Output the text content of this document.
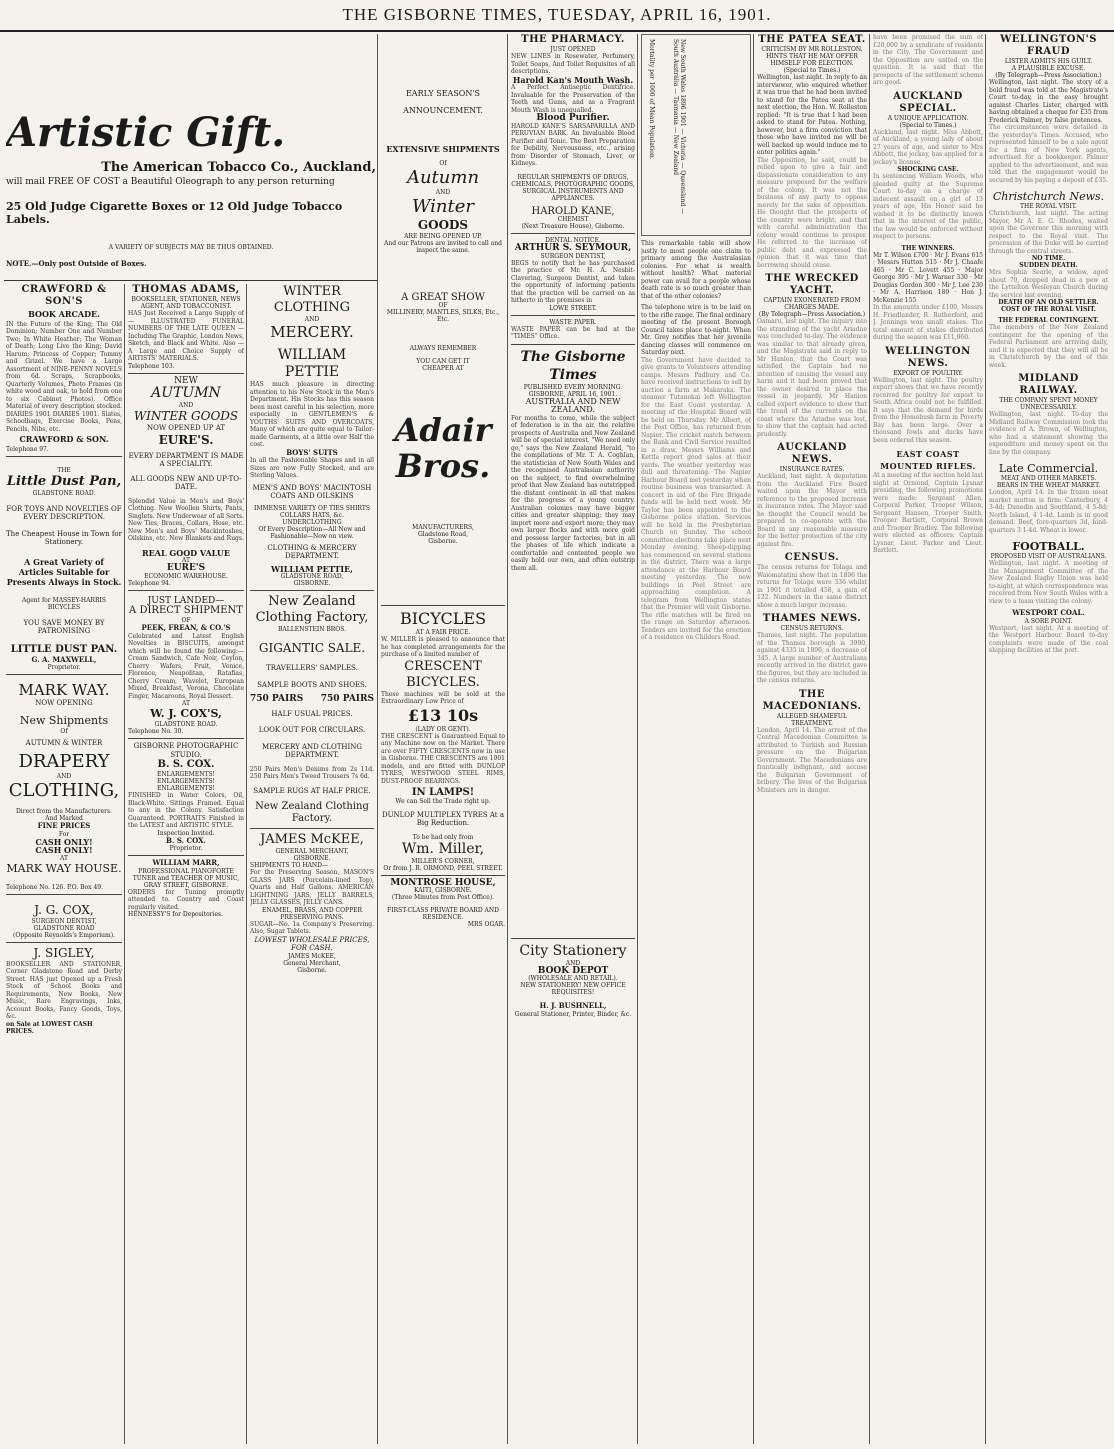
THE GISBORNE TIMES, TUESDAY, APRIL 16, 1901.
Artistic Gift.
The American Tobacco Co., Auckland,
will mail FREE OF COST a Beautiful Oleograph to any person returning
25 Old Judge Cigarette Boxes or 12 Old Judge Tobacco Labels.
A VARIETY OF SUBJECTS MAY BE THUS OBTAINED.
NOTE.—Only post Outside of Boxes.
CRAWFORD & SON'S
BOOK ARCADE.
IN the Future of the King; The Old Dominion; Number One and Number Two; In White Heather; The Woman of Death; Long Live the King; David Harum; Princess of Copper; Tommy and Grizel. We have a Large Assortment of NINE-PENNY NOVELS from 6d. Scraps, Scrapbooks, Quarterly Volumes, Photo Frames (in white wood and oak, to hold from one to six Cabinet Photos). Office Material of every description stocked. DIARIES 1901 DIARIES 1901. Slates, Schoolbags, Exercise Books, Pens, Pencils, Nibs, etc.
CRAWFORD & SON.
Telephone 97.
THE
Little Dust Pan,
GLADSTONE ROAD.
FOR TOYS AND NOVELTIES OF EVERY DESCRIPTION.
The Cheapest House in Town for Stationery.
A Great Variety of Articles Suitable for Presents Always in Stock.
Agent for MASSEY-HARRIS BICYCLES
YOU SAVE MONEY BY PATRONISING
LITTLE DUST PAN.
G. A. MAXWELL,
Proprietor.
MARK WAY.
NOW OPENING
New Shipments
Of
AUTUMN & WINTER
DRAPERY
AND
CLOTHING,
Direct from the Manufacturers.
And Marked
FINE PRICES
For
CASH ONLY!
CASH ONLY!
AT
MARK WAY HOUSE.
Telephone No. 126. P.O. Box 49.
J. G. COX,
SURGEON DENTIST,
GLADSTONE ROAD
(Opposite Reynolds's Emporium).
J. SIGLEY,
BOOKSELLER AND STATIONER, Corner Gladstone Road and Derby Street. HAS just Opened up a Fresh Stock of School Books and Requirements, New Books, New Music, Rare Engravings, Inks, Account Books, Fancy Goods, Toys, &c.
on Sale at LOWEST CASH PRICES.
THOMAS ADAMS,
BOOKSELLER, STATIONER, NEWS AGENT, AND TOBACCONIST.
HAS Just Received a Large Supply of — ILLUSTRATED FUNERAL NUMBERS OF THE LATE QUEEN — Including The Graphic, London News, Sketch, and Black and White. Also — A Large and Choice Supply of ARTISTS' MATERIALS.
Telephone 103.
NEW
AUTUMN
AND
WINTER GOODS
NOW OPENED UP AT
EURE'S.
EVERY DEPARTMENT IS MADE A SPECIALITY.
ALL GOODS NEW AND UP-TO-DATE.
Splendid Value in Men's and Boys' Clothing. New Woollen Shirts, Pants, Singlets. New Underwear of all Sorts. New Ties, Braces, Collars, Hose, etc. New Men's and Boys' Mackintoshes, Oilskins, etc. New Blankets and Rugs.
REAL GOOD VALUE
AT
EURE'S
ECONOMIC WAREHOUSE.
Telephone 94.
JUST LANDED—
A DIRECT SHIPMENT
OF
PEEK, FREAN, & CO.'S
Celebrated and Latest English Novelties in BISCUITS, amongst which will be found the following:— Cream Sandwich, Cafe Noir, Ceylon, Cherry Wafers, Fruit, Venice, Florence, Neapolitan, Ratafias, Cherry Cream, Wavelet, European Mixed, Breakfast, Verona, Chocolate Finger, Macaroons, Royal Dessert.
AT
W. J. COX'S,
GLADSTONE ROAD.
Telephone No. 30.
GISBORNE PHOTOGRAPHIC STUDIO.
B. S. COX.
ENLARGEMENTS! ENLARGEMENTS! ENLARGEMENTS!
FINISHED in Water Colors, Oil, Black-White. Sittings Framed. Equal to any in the Colony. Satisfaction Guaranteed. PORTRAITS Finished in the LATEST and ARTISTIC STYLE.
Inspection Invited.
B. S. COX.
Proprietor.
WILLIAM MARR,
PROFESSIONAL PIANOFORTE TUNER and TEACHER OF MUSIC,
GRAY STREET, GISBORNE.
ORDERS for Tuning promptly attended to. Country and Coast regularly visited.
HENNESSY'S for Depositories.
WINTER CLOTHING
AND
MERCERY.
WILLIAM
PETTIE
HAS much pleasure in directing attention to his New Stock in the Men's Department. His Stocks has this season been most careful in his selection, more especially in GENTLEMEN'S & YOUTHS' SUITS AND OVERCOATS, Many of which are quite equal to Tailor-made Garments, at a little over Half the cost.
BOYS' SUITS
In all the Fashionable Shapes and in all Sizes are now Fully Stocked, and are Sterling Values.
MEN'S AND BOYS' MACINTOSH COATS AND OILSKINS
IMMENSE VARIETY OF TIES SHIRTS COLLARS HATS, &c. UNDERCLOTHING
Of Every Description—All New and Fashionable—Now on view.
CLOTHING & MERCERY DEPARTMENT.
WILLIAM PETTIE,
GLADSTONE ROAD,
GISBORNE.
New Zealand Clothing Factory,
BALLENSTEIN BROS.
GIGANTIC SALE.
TRAVELLERS' SAMPLES.
SAMPLE BOOTS AND SHOES.
750 PAIRS 750 PAIRS
HALF USUAL PRICES.
LOOK OUT FOR CIRCULARS.
MERCERY AND CLOTHING DEPARTMENT.
250 Pairs Men's Denims from 2s 11d. 250 Pairs Men's Tweed Trousers 7s 6d.
SAMPLE RUGS AT HALF PRICE.
New Zealand Clothing Factory.
JAMES McKEE,
GENERAL MERCHANT,
GISBORNE.
SHIPMENTS TO HAND—
For the Preserving Season, MASON'S GLASS JARS (Porcelain-lined Top), Quarts and Half Gallons. AMERICAN LIGHTNING JARS, JELLY BARRELS, JELLY GLASSES, JELLY CANS.
ENAMEL, BRASS, AND COPPER PRESERVING PANS.
SUGAR—No. 1a Company's Preserving. Also, Sugar Tablets.
LOWEST WHOLESALE PRICES, FOR CASH.
JAMES McKEE,
General Merchant,
Gisborne.
EARLY SEASON'S
ANNOUNCEMENT.
EXTENSIVE SHIPMENTS
Of
Autumn
AND
Winter
GOODS
ARE BEING OPENED UP.
And our Patrons are invited to call and inspect the same.
A GREAT SHOW
OF
MILLINERY, MANTLES, SILKS, Etc., Etc.
ALWAYS REMEMBER
YOU CAN GET IT
CHEAPER AT
Adair Bros.
MANUFACTURERS,
Gladstone Road,
Gisborne.
BICYCLES
AT A FAIR PRICE.
W. MILLER is pleased to announce that he has completed arrangements for the purchase of a limited number of
CRESCENT BICYCLES.
These machines will be sold at the Extraordinary Low Price of
£13 10s
(LADY OR GENT).
THE CRESCENT is Guaranteed Equal to any Machine now on the Market. There are over FIFTY CRESCENTS now in use in Gisborne. THE CRESCENTS are 1901 models, and are fitted with DUNLOP TYRES, WESTWOOD STEEL RIMS, DUST-PROOF BEARINGS.
IN LAMPS!
We can Sell the Trade right up.
DUNLOP MULTIPLEX TYRES At a Big Reduction.
To be had only from
Wm. Miller,
MILLER'S CORNER,
Or from J. R. ORMOND, PEEL STREET.
MONTROSE HOUSE,
KAITI, GISBORNE.
(Three Minutes from Post Office).
FIRST-CLASS PRIVATE BOARD AND RESIDENCE.
MRS OGAR.
THE PHARMACY.
JUST OPENED
NEW LINES in Rosewater, Perfumery, Toilet Soaps, And Toilet Requisites of all descriptions.
Harold Kan's Mouth Wash.
A Perfect Antiseptic Dentifrice. Invaluable for the Preservation of the Teeth and Gums, and as a Fragrant Mouth Wash is unequalled.
Blood Purifier.
HAROLD KANE'S SARSAPARILLA AND PERUVIAN BARK. An Invaluable Blood Purifier and Tonic. The Best Preparation for Debility, Nervousness, etc., arising from Disorder of Stomach, Liver, or Kidneys.
REGULAR SHIPMENTS OF DRUGS, CHEMICALS, PHOTOGRAPHIC GOODS, SURGICAL INSTRUMENTS AND APPLIANCES.
HAROLD KANE,
CHEMIST
(Next Treasure House), Gisborne.
DENTAL NOTICE.
ARTHUR S. SEYMOUR,
SURGEON DENTIST,
BEGS to notify that he has purchased the practice of Mr. H. A. Nesbit-Clavering, Surgeon Dentist, and takes the opportunity of informing patients that the practice will be carried on as hitherto in the premises in
LOWE STREET.
WASTE PAPER.
WASTE PAPER can be had at the "TIMES" Office.
The Gisborne Times
PUBLISHED EVERY MORNING.
GISBORNE, APRIL 16, 1901.
AUSTRALIA AND NEW ZEALAND.
For months to come, while the subject of federation is in the air, the relative prospects of Australia and New Zealand will be of special interest. "We need only go," says the New Zealand Herald, "to the compilations of Mr. T. A. Coghlan, the statistician of New South Wales and the recognised Australasian authority on the subject, to find overwhelming proof that New Zealand has outstripped the distant continent in all that makes for the progress of a young country. Australian colonies may have bigger cities and greater shipping; they may import more and export more; they may own larger flocks and with more gold and possess larger factories; but in all the phases of life which indicate a comfortable and contented people we easily hold our own, and often outstrip them all.
City Stationery
AND
BOOK DEPOT
(WHOLESALE AND RETAIL).
NEW STATIONERY! NEW OFFICE REQUISITES!
H. J. BUSHNELL,
General Stationer, Printer, Binder, &c.
Mortality per 1000 of Mean Population.	New South Wales 1896 1901 — Victoria — Queensland — South Australia — Tasmania — New Zealand
This remarkable table will show justly to most people one claim to primacy among the Australasian colonies. For what is wealth without health? What material power can avail for a people whose death rate is so much greater than that of the other colonies?
The telephone wire is to be laid on to the rifle range. The final ordinary meeting of the present Borough Council takes place to-night. When Mr. Grey notifies that her juvenile dancing classes will commence on Saturday next.
The Government have decided to give grants to Volunteers attending camps. Messrs Padbury and Co. have received instructions to sell by auction a farm at Makaraka. The steamer Tutanekai left Wellington for the East Coast yesterday. A meeting of the Hospital Board will be held on Thursday. Mr Albert, of the Post Office, has returned from Napier. The cricket match between the Bank and Civil Service resulted in a draw. Messrs Williams and Kettle report good sales at their yards. The weather yesterday was dull and threatening. The Napier Harbour Board met yesterday when routine business was transacted. A concert in aid of the Fire Brigade funds will be held next week. Mr Taylor has been appointed to the Gisborne police station. Services will be held in the Presbyterian Church on Sunday. The school committee elections take place next Monday evening. Sheep-dipping has commenced on several stations in the district. There was a large attendance at the Harbour Board meeting yesterday. The new buildings in Peel Street are approaching completion. A telegram from Wellington states that the Premier will visit Gisborne. The rifle matches will be fired on the range on Saturday afternoon. Tenders are invited for the erection of a residence on Childers Road.
THE PATEA SEAT.
CRITICISM BY MR ROLLESTON.
HINTS THAT HE MAY OFFER HIMSELF FOR ELECTION.
(Special to Times.)
Wellington, last night. In reply to an interviewer, who enquired whether it was true that he had been invited to stand for the Patea seat at the next election, the Hon. W. Rolleston replied: "It is true that I had been asked to stand for Patea. Nothing, however, but a firm conviction that those who have invited me will be well backed up would induce me to enter politics again."
The Opposition, he said, could be relied upon to give a fair and dispassionate consideration to any measure proposed for the welfare of the colony. It was not the business of any party to oppose merely for the sake of opposition. He thought that the prospects of the country were bright, and that with careful administration the colony would continue to prosper. He referred to the increase of public debt and expressed the opinion that it was time that borrowing should cease.
THE WRECKED YACHT.
CAPTAIN EXONERATED FROM CHARGES MADE.
(By Telegraph—Press Association.)
Oamaru, last night. The inquiry into the stranding of the yacht Ariadne was concluded to-day. The evidence was similar to that already given, and the Magistrate said in reply to Mr Hanlon, that the Court was satisfied the Captain had no intention of causing the vessel any harm and it had been proved that the owner desired to place the vessel in jeopardy. Mr Hanlon called expert evidence to show that the trend of the currents on the coast where the Ariadne was lost, to show that the captain had acted prudently.
AUCKLAND NEWS.
INSURANCE RATES.
Auckland, last night. A deputation from the Auckland Fire Board waited upon the Mayor with reference to the proposed increase in insurance rates. The Mayor said he thought the Council would be prepared to co-operate with the Board in any reasonable measure for the better protection of the city against fire.
CENSUS.
The census returns for Tolaga and Waiomatatini show that in 1896 the returns for Tolaga were 336 whilst in 1901 it totalled 458, a gain of 122. Numbers in the same district show a much larger increase.
THAMES NEWS.
CENSUS RETURNS.
Thames, last night. The population of the Thames borough is 3990, against 4335 in 1896, a decrease of 345. A large number of Australians recently arrived in the district gave the figures, but they are included in the census returns.
THE MACEDONIANS.
ALLEGED SHAMEFUL TREATMENT.
London, April 14. The arrest of the Central Macedonian Committee is attributed to Turkish and Russian pressure on the Bulgarian Government. The Macedonians are frantically indignant, and accuse the Bulgarian Government of bribery. The lives of the Bulgarian Ministers are in danger.
have been promised the sum of £20,000 by a syndicate of residents in the City. The Government and the Opposition are united on the question. It is said that the prospects of the settlement scheme are good.
AUCKLAND SPECIAL.
A UNIQUE APPLICATION.
(Special to Times.)
Auckland, last night. Miss Abbott, of Auckland, a young lady of about 27 years of age, and sister to Mrs Abbott, the jockey, has applied for a jockey's license.
SHOCKING CASE.
In sentencing William Woods, who pleaded guilty at the Supreme Court to-day on a charge of indecent assault on a girl of 13 years of age, His Honor said he wished it to be distinctly known that in the interest of the public, the law would be enforced without respect to persons.
THE WINNERS.
Mr T. Wilson £700 · Mr J. Evans 615 · Messrs Hutton 515 · Mr J. Chaafe 465 · Mr C. Lovett 455 · Major George 395 · Mr J. Warner 330 · Mr Douglas Gordon 300 · Mr J. Lee 230 · Mr A. Harrison 180 · Hon J. McKenzie 155
In the amounts under £100, Messrs H. Friedlander, R. Rutherford, and J. Jennings won small stakes. The total amount of stakes distributed during the season was £11,960.
WELLINGTON NEWS.
EXPORT OF POULTRY.
Wellington, last night. The poultry export shows that we have recently received for poultry for export to South Africa could not be fulfilled. It says that the demand for birds from the Homebush farm in Poverty Bay has been large. Over a thousand fowls and ducks have been ordered this season.
EAST COAST MOUNTED RIFLES.
At a meeting of the section held last night at Ormond, Captain Lysnar presiding, the following promotions were made: Sergeant Allen, Corporal Parker, Trooper Wilson, Sergeant Hansen, Trooper Smith, Trooper Bartlett, Corporal Brown and Trooper Bradley. The following were elected as officers: Captain Lysnar, Lieut. Parker and Lieut. Bartlett.
WELLINGTON'S FRAUD
LISTER ADMITS HIS GUILT.
A PLAUSIBLE EXCUSE.
(By Telegraph—Press Association.)
Wellington, last night. The story of a bold fraud was told at the Magistrate's Court to-day, in the easy brought against Charles Lister, charged with having obtained a cheque for £35 from Frederick Palmer, by false pretences.
The circumstances were detailed in the yesterday's Times. Accused, who represented himself to be a sale agent for a firm of New York agents, advertised for a bookkeeper. Palmer applied to the advertisement, and was told that the engagement would be secured by his paying a deposit of £35.
Christchurch News.
THE ROYAL VISIT.
Christchurch, last night. The acting Mayor, Mr A. E. G. Rhodes, waited upon the Governor this morning with respect to the Royal visit. The procession of the Duke will be carried through the central streets.
NO TIME.
SUDDEN DEATH.
Mrs Sophia Searle, a widow, aged about 70, dropped dead in a pew at the Lyttelton Wesleyan Church during the service last evening.
DEATH OF AN OLD SETTLER.
COST OF THE ROYAL VISIT.
THE FEDERAL CONTINGENT.
The members of the New Zealand contingent for the opening of the Federal Parliament are arriving daily, and it is expected that they will all be in Christchurch by the end of this week.
MIDLAND RAILWAY.
THE COMPANY SPENT MONEY UNNECESSARILY.
Wellington, last night. To-day the Midland Railway Commission took the evidence of A. Brown, of Wellington, who had a statement showing the expenditure and money spent on the line by the company.
Late Commercial.
MEAT AND OTHER MARKETS.
BEARS IN THE WHEAT MARKET.
London, April 14. In the frozen meat market mutton is firm: Canterbury, 4 3-4d; Dunedin and Southland, 4 5-8d; North Island, 4 1-4d. Lamb is in good demand. Beef, fore-quarters 3d, hind-quarters 3 1-4d. Wheat is lower.
FOOTBALL.
PROPOSED VISIT OF AUSTRALIANS.
Wellington, last night. A meeting of the Management Committee of the New Zealand Rugby Union was held to-night, at which correspondence was received from New South Wales with a view to a team visiting the colony.
WESTPORT COAL.
A SORE POINT.
Westport, last night. At a meeting of the Westport Harbour Board to-day complaints were made of the coal shipping facilities at the port.
